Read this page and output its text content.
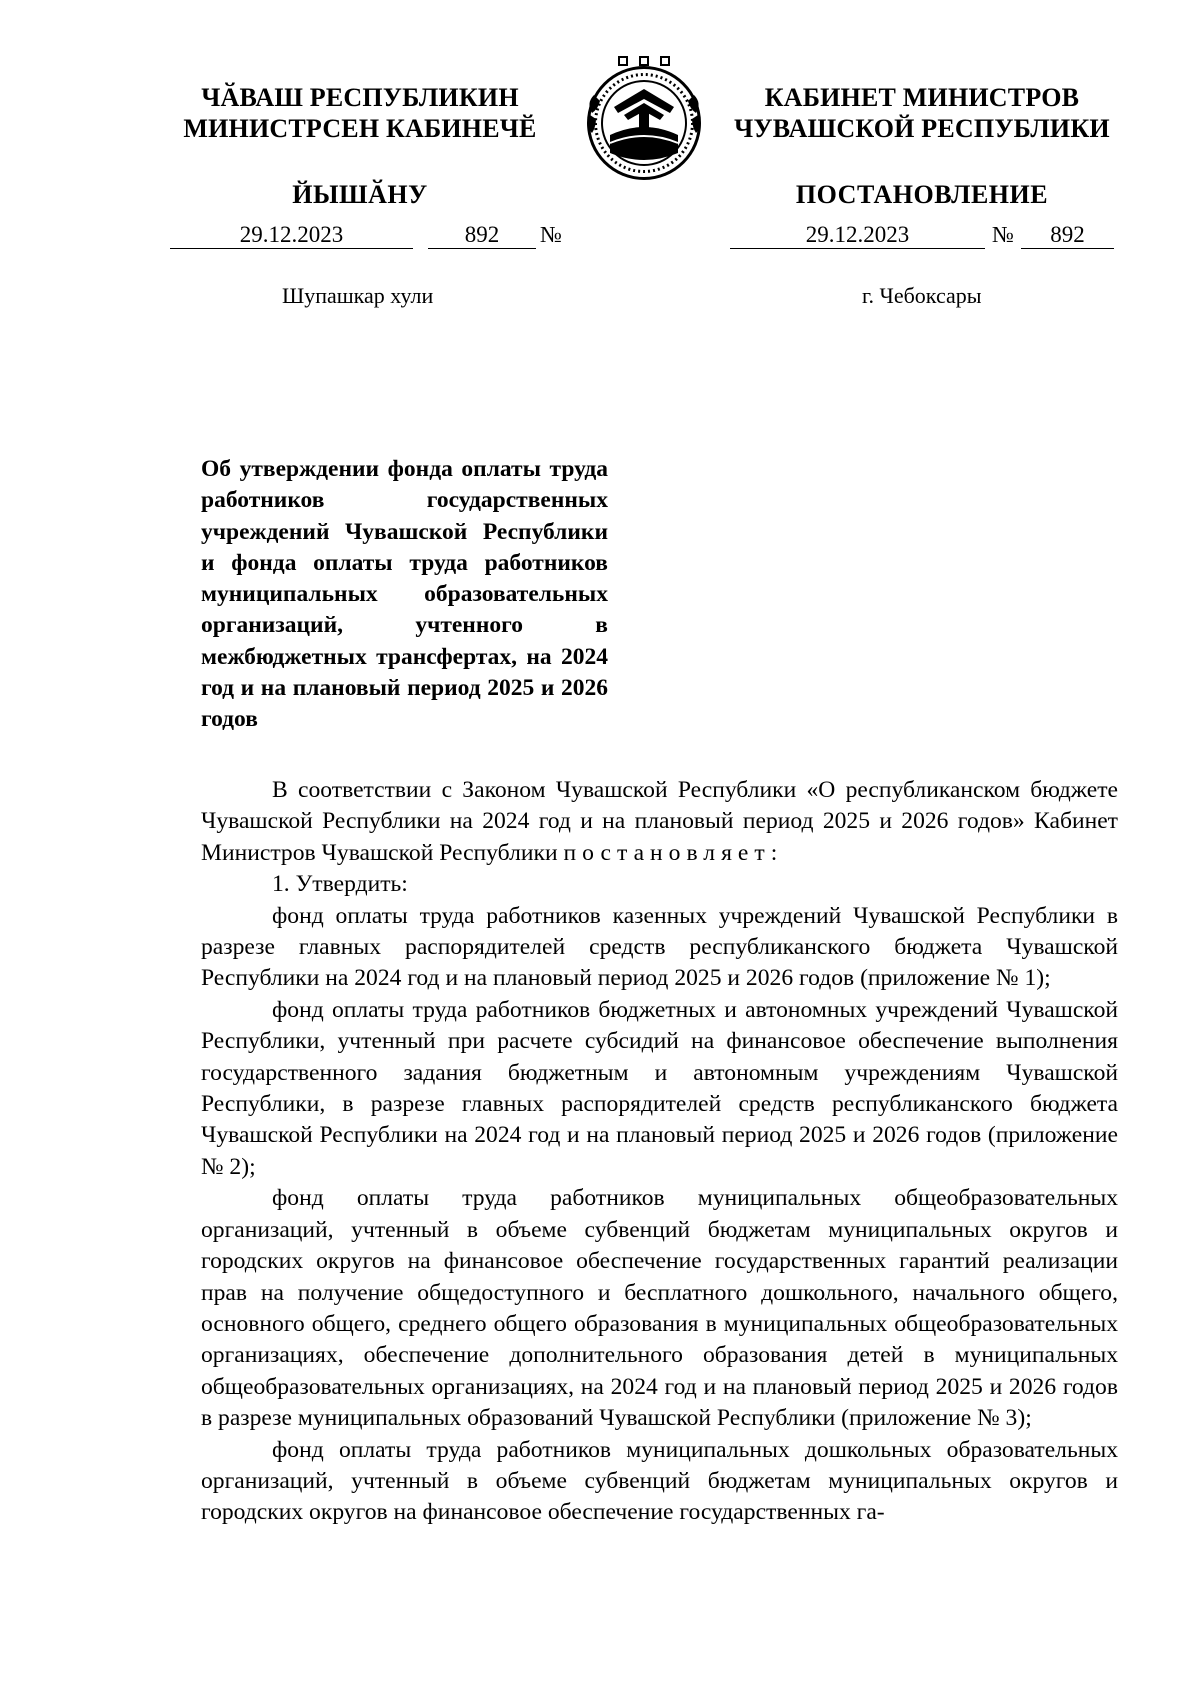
ЧӐВАШ РЕСПУБЛИКИН
МИНИСТРСЕН КАБИНЕЧӖ
ЙЫШӐНУ
КАБИНЕТ МИНИСТРОВ
ЧУВАШСКОЙ РЕСПУБЛИКИ
ПОСТАНОВЛЕНИЕ
29.12.2023	892	№	29.12.2023	№	892
Шупашкар хули	г. Чебоксары
Об утверждении фонда оплаты труда работников государственных учреждений Чувашской Республики и фонда оплаты труда работников муниципальных образовательных организаций, учтенного в межбюджетных трансфертах, на 2024 год и на плановый период 2025 и 2026 годов

В соответствии с Законом Чувашской Республики «О республиканском бюджете Чувашской Республики на 2024 год и на плановый период 2025 и 2026 годов» Кабинет Министров Чувашской Республики постановляет:

1. Утвердить:

фонд оплаты труда работников казенных учреждений Чувашской Республики в разрезе главных распорядителей средств республиканского бюджета Чувашской Республики на 2024 год и на плановый период 2025 и 2026 годов (приложение № 1);

фонд оплаты труда работников бюджетных и автономных учреждений Чувашской Республики, учтенный при расчете субсидий на финансовое обеспечение выполнения государственного задания бюджетным и автономным учреждениям Чувашской Республики, в разрезе главных распорядителей средств республиканского бюджета Чувашской Республики на 2024 год и на плановый период 2025 и 2026 годов (приложение № 2);

фонд оплаты труда работников муниципальных общеобразовательных организаций, учтенный в объеме субвенций бюджетам муниципальных округов и городских округов на финансовое обеспечение государственных гарантий реализации прав на получение общедоступного и бесплатного дошкольного, начального общего, основного общего, среднего общего образования в муниципальных общеобразовательных организациях, обеспечение дополнительного образования детей в муниципальных общеобразовательных организациях, на 2024 год и на плановый период 2025 и 2026 годов в разрезе муниципальных образований Чувашской Республики (приложение № 3);

фонд оплаты труда работников муниципальных дошкольных образовательных организаций, учтенный в объеме субвенций бюджетам муниципальных округов и городских округов на финансовое обеспечение государственных га-
